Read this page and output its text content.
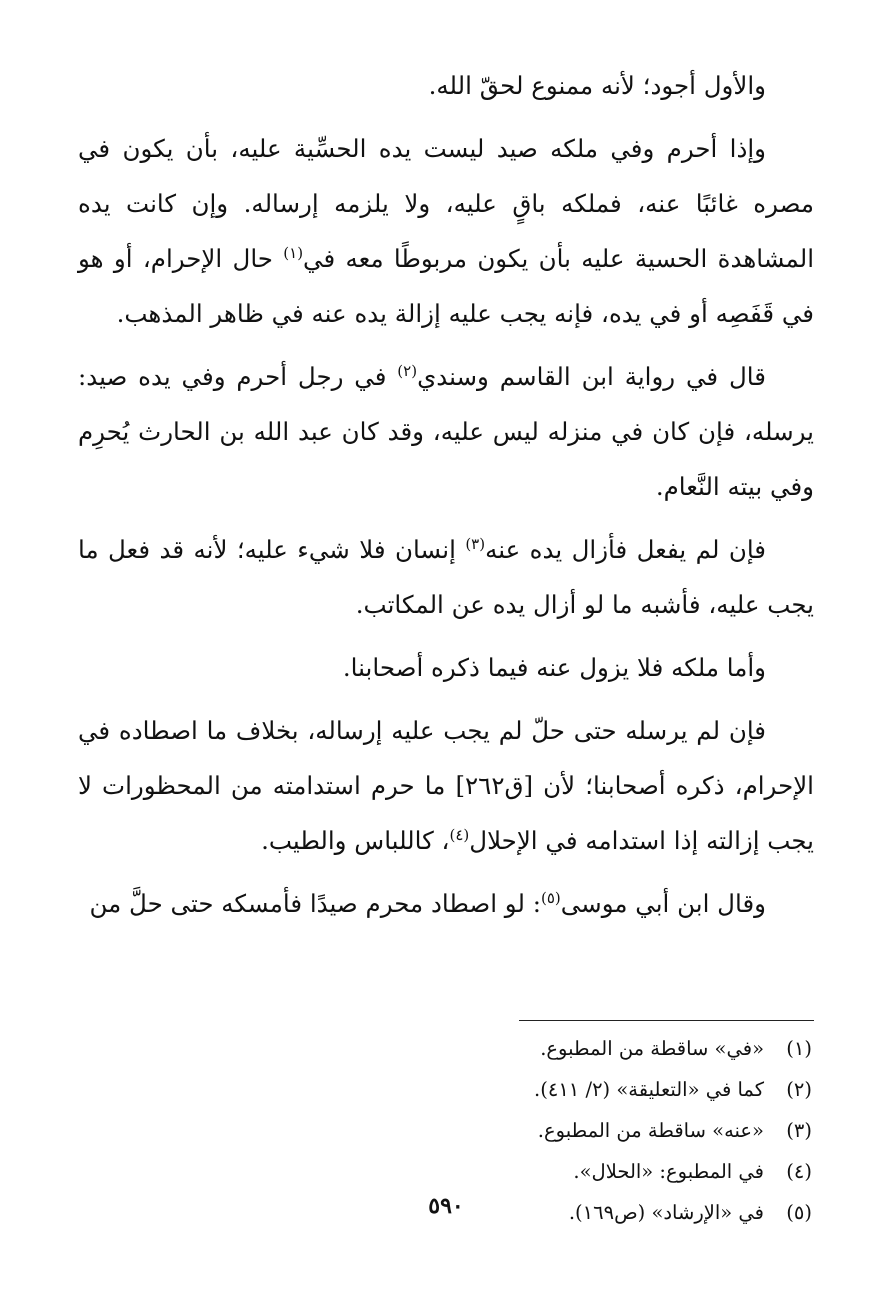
والأول أجود؛ لأنه ممنوع لحقّ الله.

وإذا أحرم وفي ملكه صيد ليست يده الحسِّية عليه، بأن يكون في مصره غائبًا عنه، فملكه باقٍ عليه، ولا يلزمه إرساله. وإن كانت يده المشاهدة الحسية عليه بأن يكون مربوطًا معه في$^{(١)}$ حال الإحرام، أو هو في قَفَصِه أو في يده، فإنه يجب عليه إزالة يده عنه في ظاهر المذهب.

قال في رواية ابن القاسم وسندي$^{(٢)}$ في رجل أحرم وفي يده صيد: يرسله، فإن كان في منزله ليس عليه، وقد كان عبد الله بن الحارث يُحرِم وفي بيته النَّعام.

فإن لم يفعل فأزال يده عنه$^{(٣)}$ إنسان فلا شيء عليه؛ لأنه قد فعل ما يجب عليه، فأشبه ما لو أزال يده عن المكاتب.

وأما ملكه فلا يزول عنه فيما ذكره أصحابنا.

فإن لم يرسله حتى حلّ لم يجب عليه إرساله، بخلاف ما اصطاده في الإحرام، ذكره أصحابنا؛ لأن [ق٢٦٢] ما حرم استدامته من المحظورات لا يجب إزالته إذا استدامه في الإحلال$^{(٤)}$، كاللباس والطيب.

وقال ابن أبي موسى$^{(٥)}$: لو اصطاد محرم صيدًا فأمسكه حتى حلَّ من

(١)
«في» ساقطة من المطبوع.
(٢)
كما في «التعليقة» (٢/ ٤١١).
(٣)
«عنه» ساقطة من المطبوع.
(٤)
في المطبوع: «الحلال».
(٥)
في «الإرشاد» (ص١٦٩).
٥٩٠
